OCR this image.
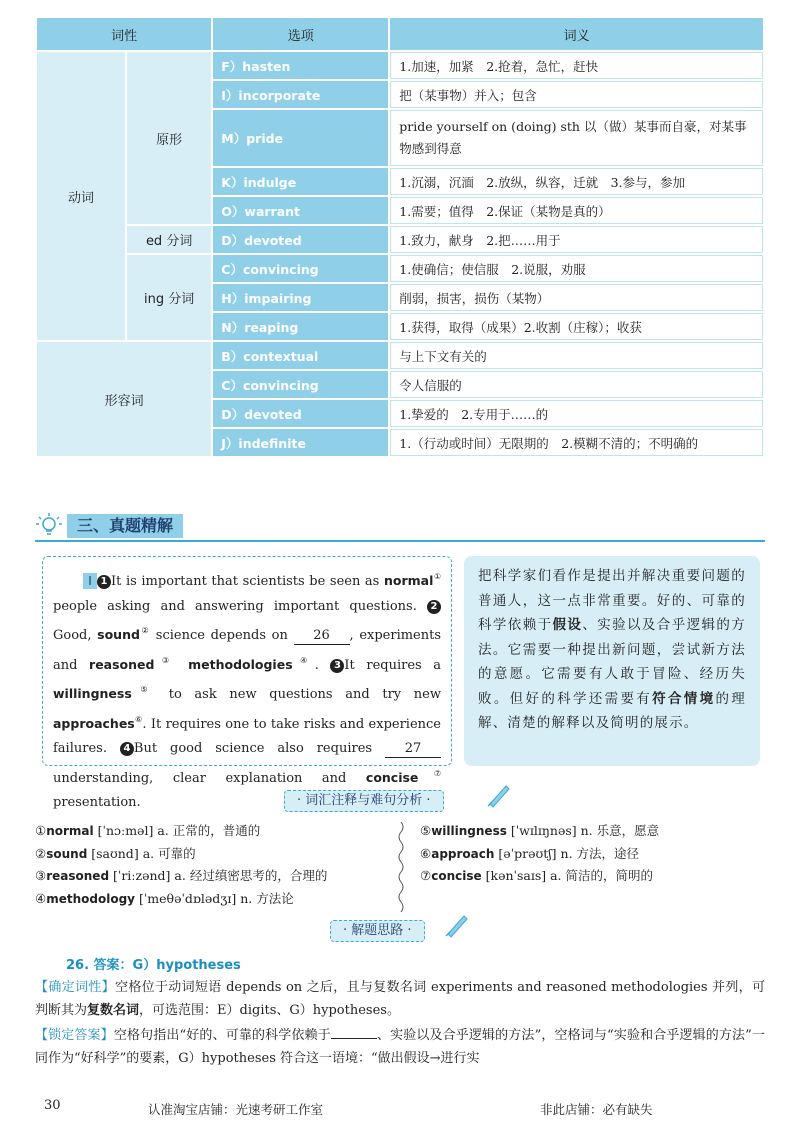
词性		选项	词义
动词	原形	F）hasten	1.加速，加紧　2.抢着，急忙，赶快
		I）incorporate	把（某事物）并入；包含
		M）pride	pride yourself on (doing) sth 以（做）某事而自豪，对某事物感到得意
		K）indulge	1.沉溺，沉湎　2.放纵，纵容，迁就　3.参与，参加
		O）warrant	1.需要；值得　2.保证（某物是真的）
	ed 分词	D）devoted	1.致力，献身　2.把……用于
	ing 分词	C）convincing	1.使确信；使信服　2.说服，劝服
		H）impairing	削弱，损害，损伤（某物）
		N）reaping	1.获得，取得（成果）2.收割（庄稼）；收获
形容词		B）contextual	与上下文有关的
		C）convincing	令人信服的
		D）devoted	1.挚爱的　2.专用于……的
		J）indefinite	1.（行动或时间）无限期的　2.模糊不清的；不明确的
三、真题精解
Ⅰ 1 It is important that scientists be seen as normal① people asking and answering important questions. 2Good, sound② science depends on 26 , experiments and reasoned③ methodologies④. 3 It requires a willingness⑤ to ask new questions and try new approaches⑥. It requires one to take risks and experience failures. 4 But good science also requires 27 understanding, clear explanation and concise⑦ presentation.
把科学家们看作是提出并解决重要问题的普通人，这一点非常重要。好的、可靠的科学依赖于假设、实验以及合乎逻辑的方法。它需要一种提出新问题，尝试新方法的意愿。它需要有人敢于冒险、经历失败。但好的科学还需要有符合情境的理解、清楚的解释以及简明的展示。
· 词汇注释与难句分析 ·
①normal [ˈnɔːməl] a. 正常的，普通的
②sound [saʊnd] a. 可靠的
③reasoned [ˈriːzənd] a. 经过缜密思考的，合理的
④methodology [ˈmeθəˈdɒlədʒɪ] n. 方法论
⑤willingness [ˈwɪlɪŋnəs] n. 乐意，愿意
⑥approach [əˈprəʊtʃ] n. 方法，途径
⑦concise [kənˈsaɪs] a. 简洁的，简明的
· 解题思路 ·
26. 答案：G）hypotheses
【确定词性】空格位于动词短语 depends on 之后，且与复数名词 experiments and reasoned methodologies 并列，可判断其为复数名词，可选范围：E）digits、G）hypotheses。
【锁定答案】空格句指出“好的、可靠的科学依赖于	、实验以及合乎逻辑的方法”，空格词与“实验和合乎逻辑的方法”一同作为“好科学”的要素，G）hypotheses 符合这一语境：“做出假设→进行实
30	认准淘宝店铺：光速考研工作室	非此店铺：必有缺失
